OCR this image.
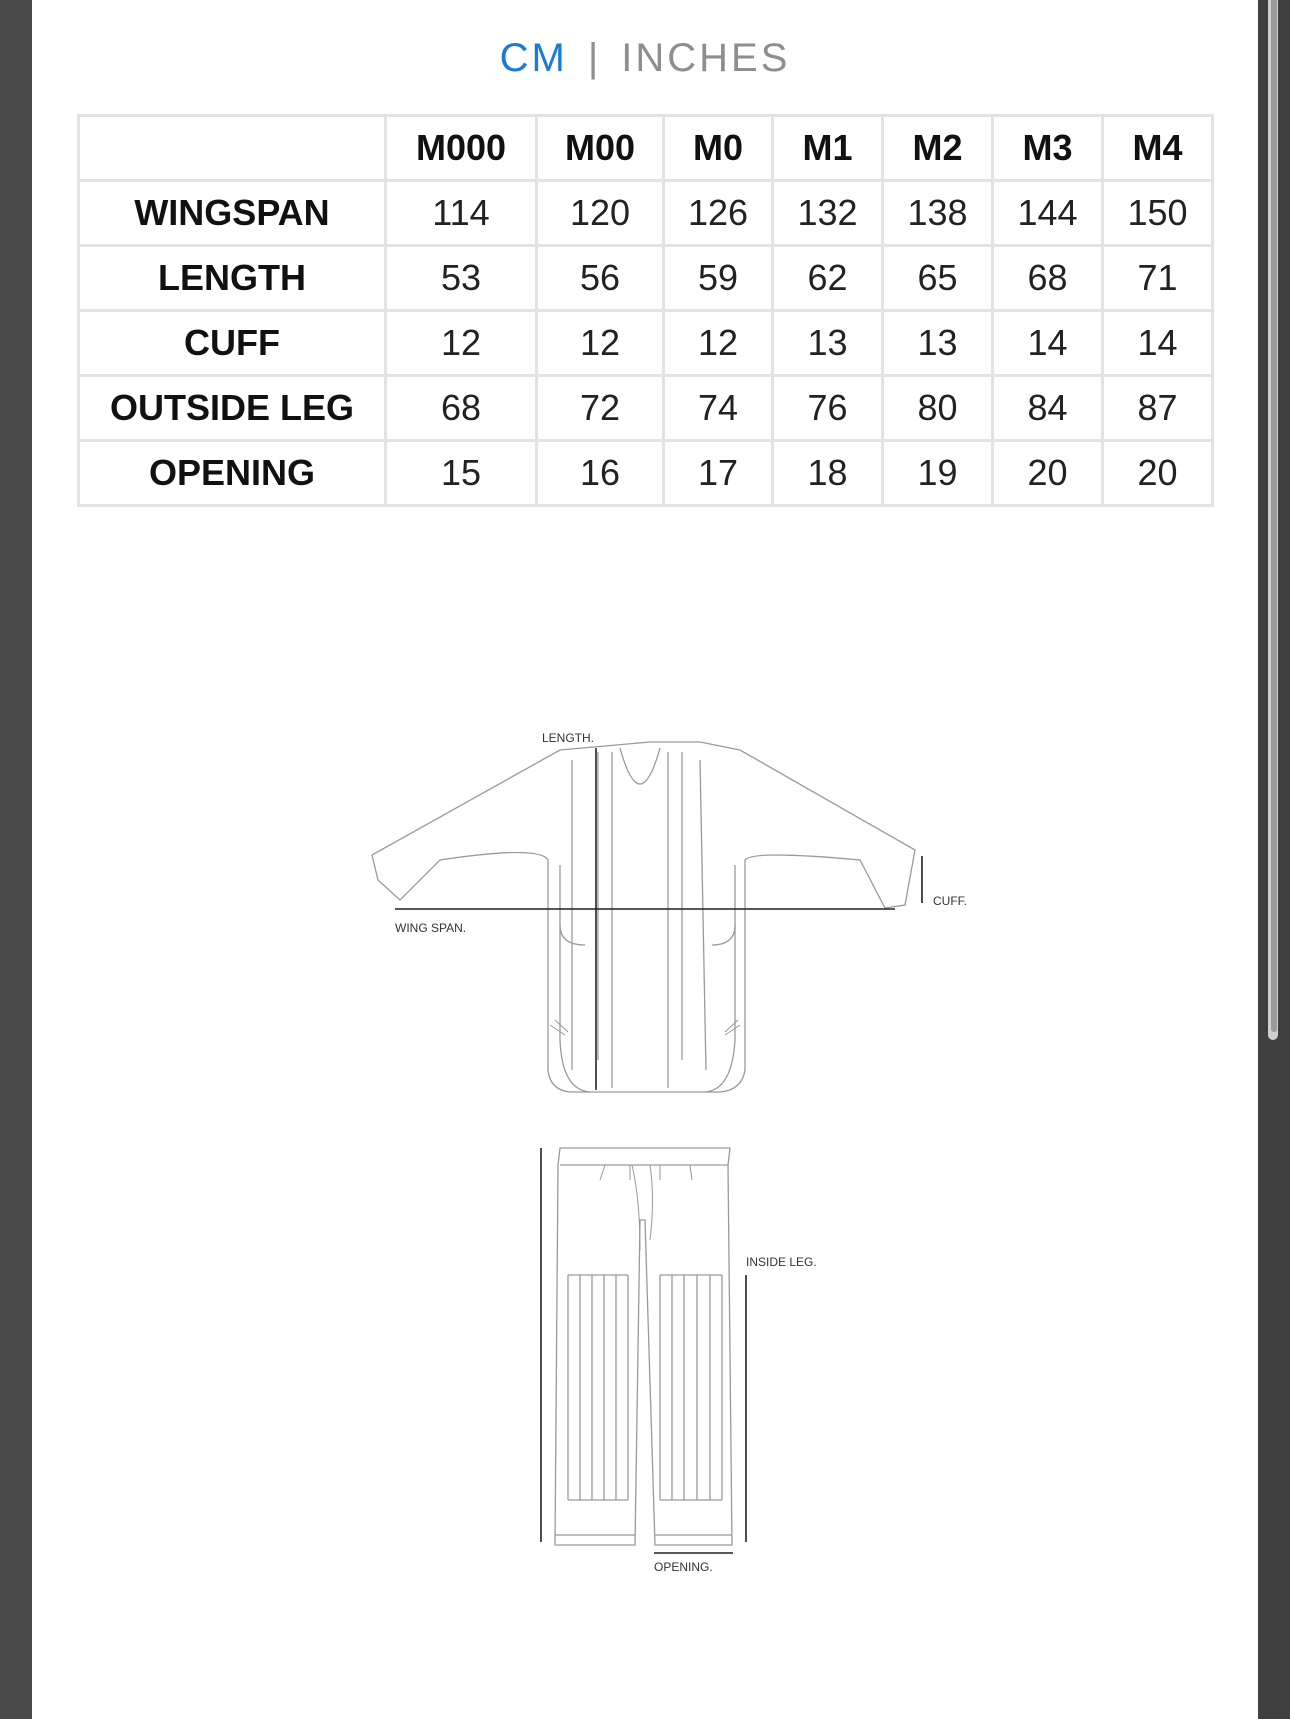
CM | INCHES
	M000	M00	M0	M1	M2	M3	M4
WINGSPAN	114	120	126	132	138	144	150
LENGTH	53	56	59	62	65	68	71
CUFF	12	12	12	13	13	14	14
OUTSIDE LEG	68	72	74	76	80	84	87
OPENING	15	16	17	18	19	20	20
LENGTH.
WING SPAN.
CUFF.
INSIDE LEG.
OPENING.
